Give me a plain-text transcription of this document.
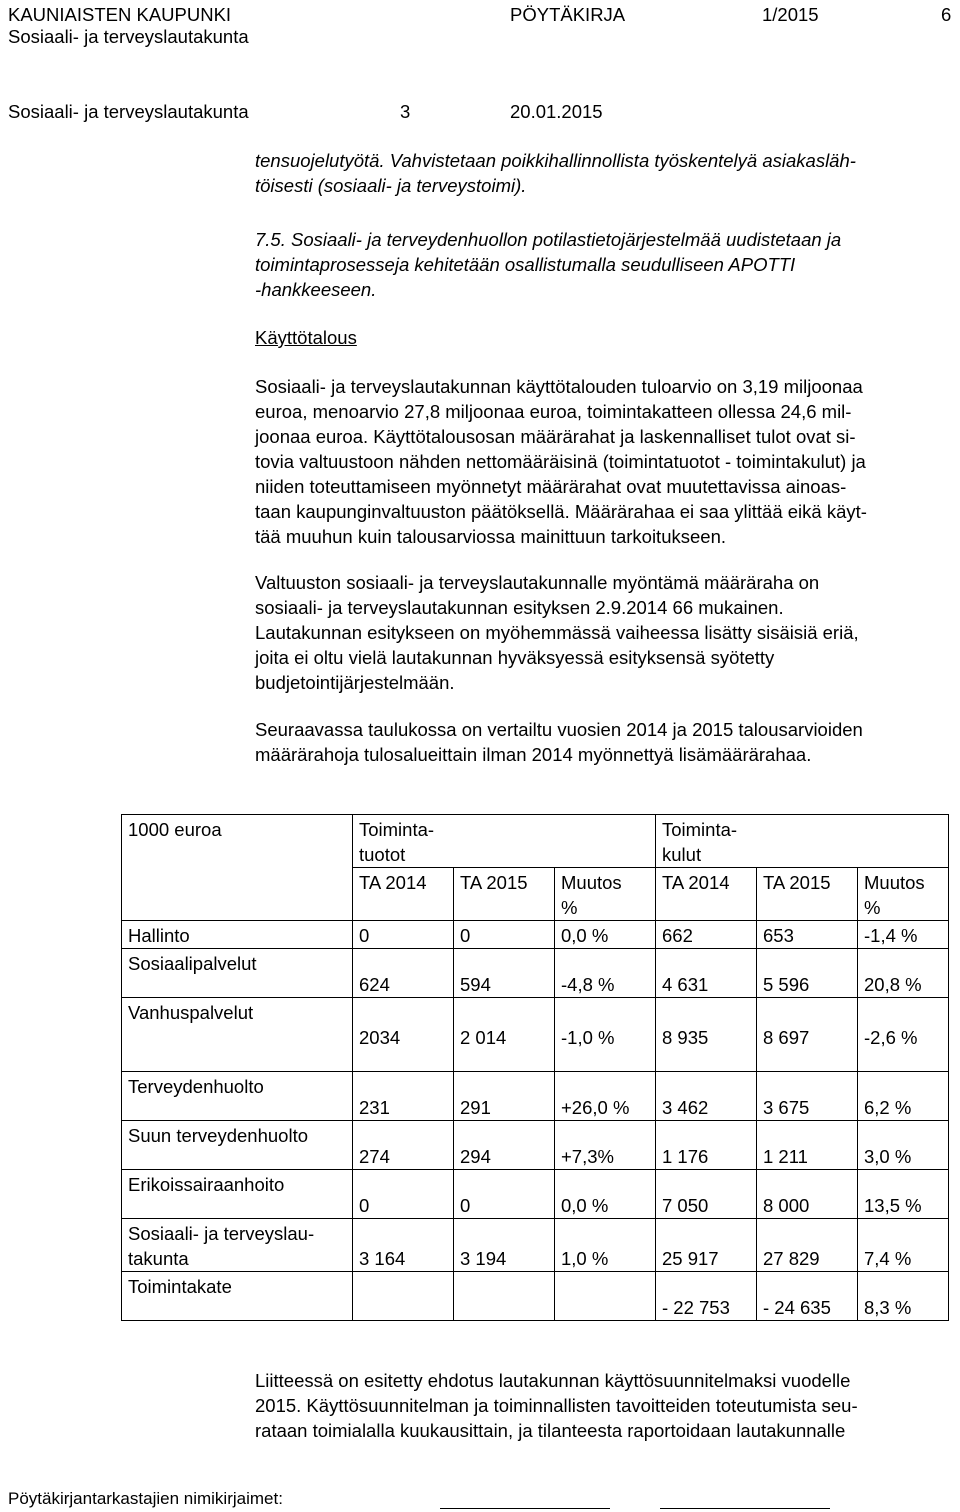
KAUNIAISTEN KAUPUNKI
Sosiaali- ja terveyslautakunta
PÖYTÄKIRJA	1/2015	6
Sosiaali- ja terveyslautakunta	3	20.01.2015

tensuojelutyötä. Vahvistetaan poikkihallinnollista työskentelyä asiakasläh-
töisesti (sosiaali- ja terveystoimi).

7.5. Sosiaali- ja terveydenhuollon potilastietojärjestelmää uudistetaan ja
toimintaprosesseja kehitetään osallistumalla seudulliseen APOTTI
-hankkeeseen.

Käyttötalous

Sosiaali- ja terveyslautakunnan käyttötalouden tuloarvio on 3,19 miljoonaa
euroa, menoarvio 27,8 miljoonaa euroa, toimintakatteen ollessa 24,6 mil-
joonaa euroa. Käyttötalousosan määrärahat ja laskennalliset tulot ovat si-
tovia valtuustoon nähden nettomääräisinä (toimintatuotot - toimintakulut) ja
niiden toteuttamiseen myönnetyt määrärahat ovat muutettavissa ainoas-
taan kaupunginvaltuuston päätöksellä. Määrärahaa ei saa ylittää eikä käyt-
tää muuhun kuin talousarviossa mainittuun tarkoitukseen.

Valtuuston sosiaali- ja terveyslautakunnalle myöntämä määräraha on
sosiaali- ja terveyslautakunnan esityksen 2.9.2014 66 mukainen.
Lautakunnan esitykseen on myöhemmässä vaiheessa lisätty sisäisiä eriä,
joita ei oltu vielä lautakunnan hyväksyessä esityksensä syötetty
budjetointijärjestelmään.

Seuraavassa taulukossa on vertailtu vuosien 2014 ja 2015 talousarvioiden
määrärahoja tulosalueittain ilman 2014 myönnettyä lisämäärärahaa.

1000 euroa	Toiminta-
tuotot			Toiminta-
kulut		
	TA 2014	TA 2015	Muutos
%	TA 2014	TA 2015	Muutos
%
Hallinto	0	0	0,0 %	662	653	-1,4 %
Sosiaalipalvelut	624	594	-4,8 %	4 631	5 596	20,8 %
Vanhuspalvelut	2034	2 014	-1,0 %	8 935	8 697	-2,6 %
Terveydenhuolto	231	291	+26,0 %	3 462	3 675	6,2 %
Suun terveydenhuolto	274	294	+7,3%	1 176	1 211	3,0 %
Erikoissairaanhoito	0	0	0,0 %	7 050	8 000	13,5 %
Sosiaali- ja terveyslau-
takunta	3 164	3 194	1,0 %	25 917	27 829	7,4 %
Toimintakate				- 22 753	- 24 635	8,3 %

Liitteessä on esitetty ehdotus lautakunnan käyttösuunnitelmaksi vuodelle
2015. Käyttösuunnitelman ja toiminnallisten tavoitteiden toteutumista seu-
rataan toimialalla kuukausittain, ja tilanteesta raportoidaan lautakunnalle

Pöytäkirjantarkastajien nimikirjaimet:
